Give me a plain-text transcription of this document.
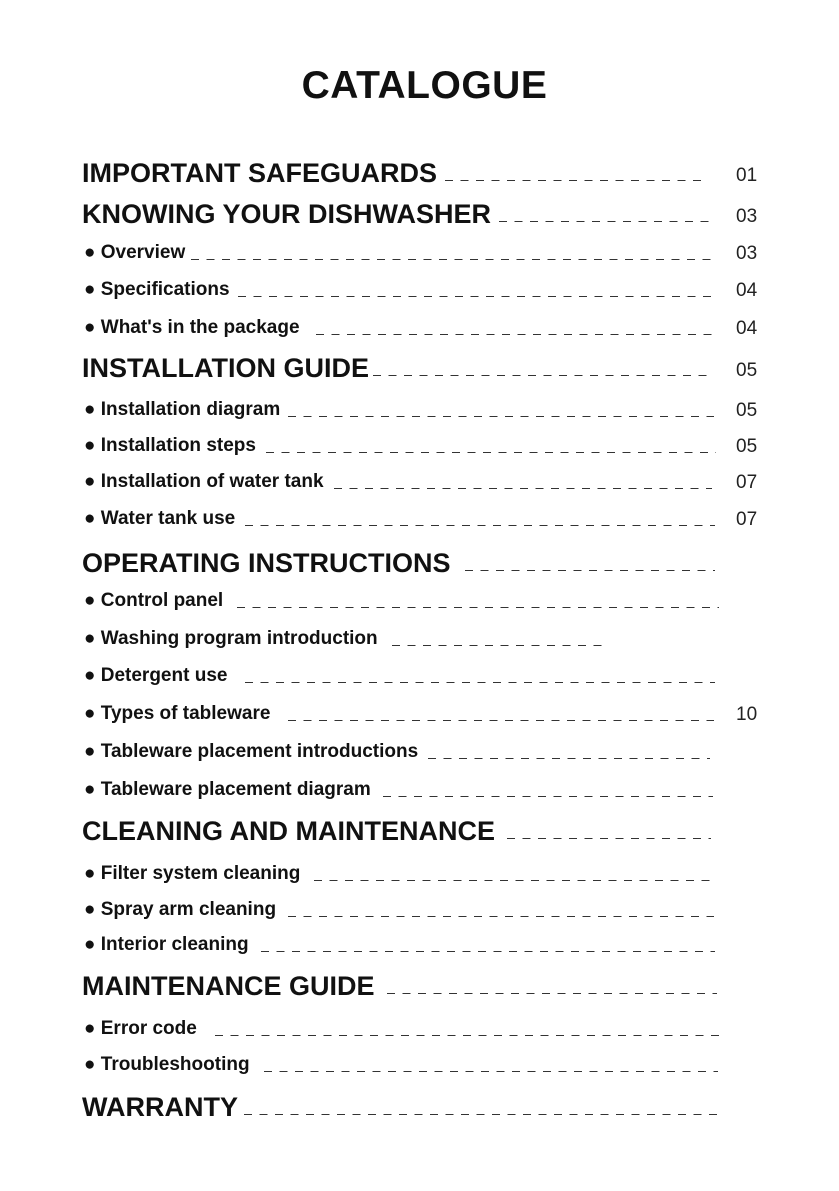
CATALOGUE
IMPORTANT SAFEGUARDS	01
KNOWING YOUR DISHWASHER	03
● Overview	03
● Specifications	04
● What's in the package	04
INSTALLATION GUIDE	05
● Installation diagram	05
● Installation steps	05
● Installation of water tank	07
● Water tank use	07
OPERATING INSTRUCTIONS
● Control panel
● Washing program introduction
● Detergent use
● Types of tableware	10
● Tableware placement introductions
● Tableware placement diagram
CLEANING AND MAINTENANCE
● Filter system cleaning
● Spray arm cleaning
● Interior cleaning
MAINTENANCE GUIDE
● Error code
● Troubleshooting
WARRANTY
